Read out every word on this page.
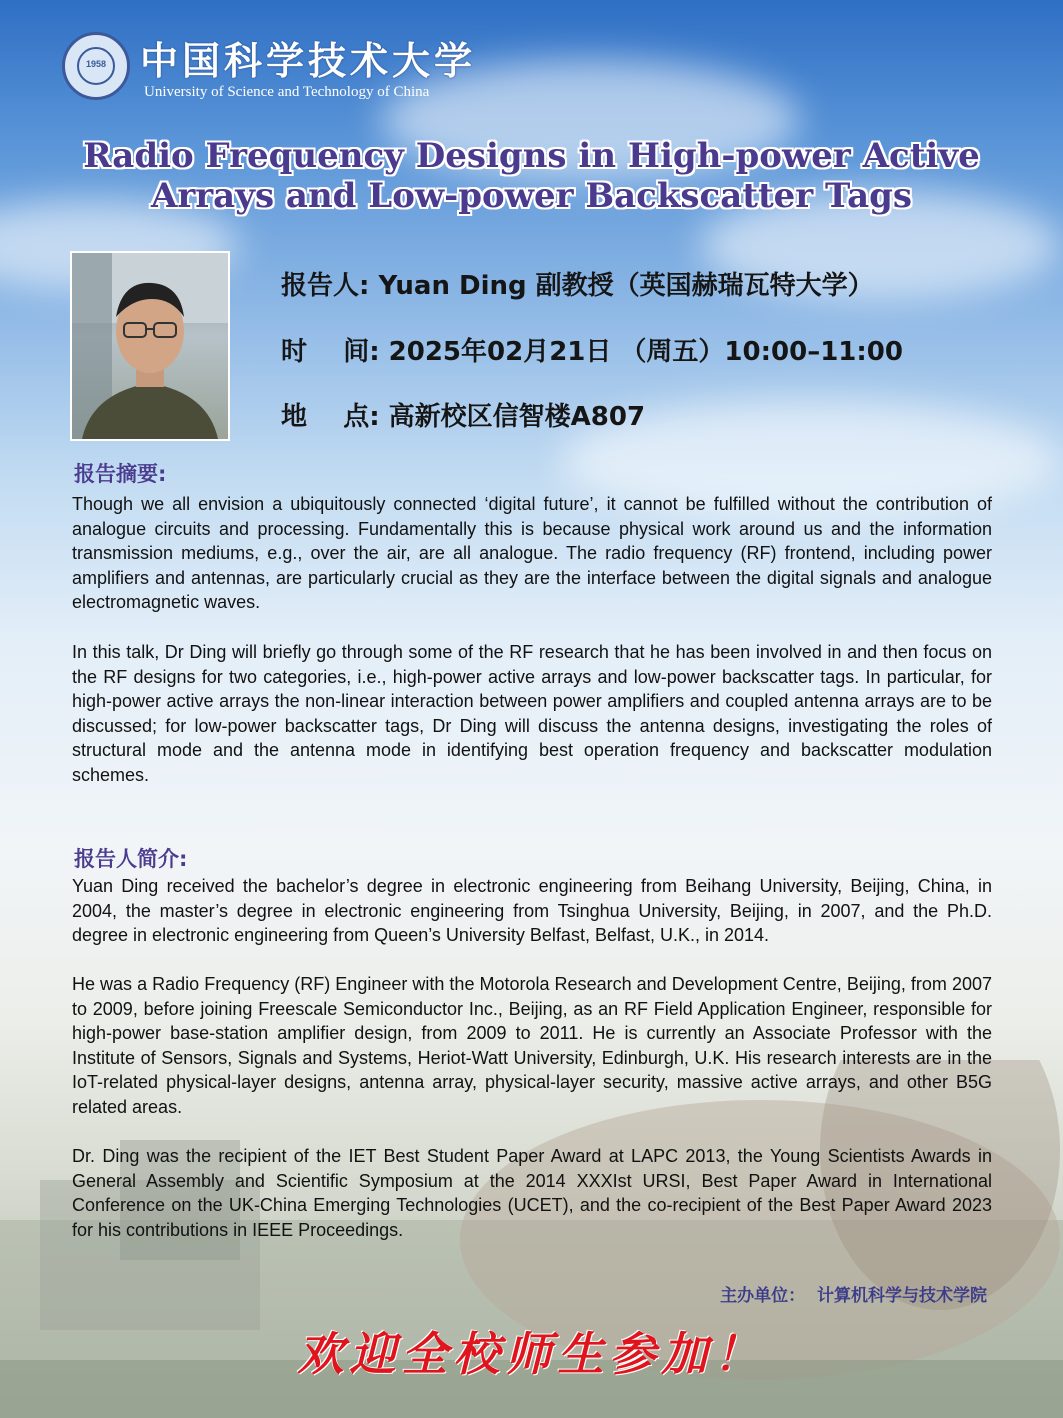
1958 中国科学技术大学
University of Science and Technology of China
Radio Frequency Designs in High-power Active
Arrays and Low-power Backscatter Tags
报告人: Yuan Ding 副教授（英国赫瑞瓦特大学）
时    间: 2025年02月21日 （周五）10:00–11:00
地    点: 高新校区信智楼A807
报告摘要:

Though we all envision a ubiquitously connected ‘digital future’, it cannot be fulfilled without the contribution of analogue circuits and processing. Fundamentally this is because physical work around us and the information transmission mediums, e.g., over the air, are all analogue. The radio frequency (RF) frontend, including power amplifiers and antennas, are particularly crucial as they are the interface between the digital signals and analogue electromagnetic waves.

In this talk, Dr Ding will briefly go through some of the RF research that he has been involved in and then focus on the RF designs for two categories, i.e., high-power active arrays and low-power backscatter tags. In particular, for high-power active arrays the non-linear interaction between power amplifiers and coupled antenna arrays are to be discussed; for low-power backscatter tags, Dr Ding will discuss the antenna designs, investigating the roles of structural mode and the antenna mode in identifying best operation frequency and backscatter modulation schemes.

报告人简介:

Yuan Ding received the bachelor’s degree in electronic engineering from Beihang University, Beijing, China, in 2004, the master’s degree in electronic engineering from Tsinghua University, Beijing, in 2007, and the Ph.D. degree in electronic engineering from Queen’s University Belfast, Belfast, U.K., in 2014.

He was a Radio Frequency (RF) Engineer with the Motorola Research and Development Centre, Beijing, from 2007 to 2009, before joining Freescale Semiconductor Inc., Beijing, as an RF Field Application Engineer, responsible for high-power base-station amplifier design, from 2009 to 2011. He is currently an Associate Professor with the Institute of Sensors, Signals and Systems, Heriot-Watt University, Edinburgh, U.K. His research interests are in the IoT-related physical-layer designs, antenna array, physical-layer security, massive active arrays, and other B5G related areas.

Dr. Ding was the recipient of the IET Best Student Paper Award at LAPC 2013, the Young Scientists Awards in General Assembly and Scientific Symposium at the 2014 XXXIst URSI, Best Paper Award in International Conference on the UK-China Emerging Technologies (UCET), and the co-recipient of the Best Paper Award 2023 for his contributions in IEEE Proceedings.

主办单位：  计算机科学与技术学院
欢迎全校师生参加！
